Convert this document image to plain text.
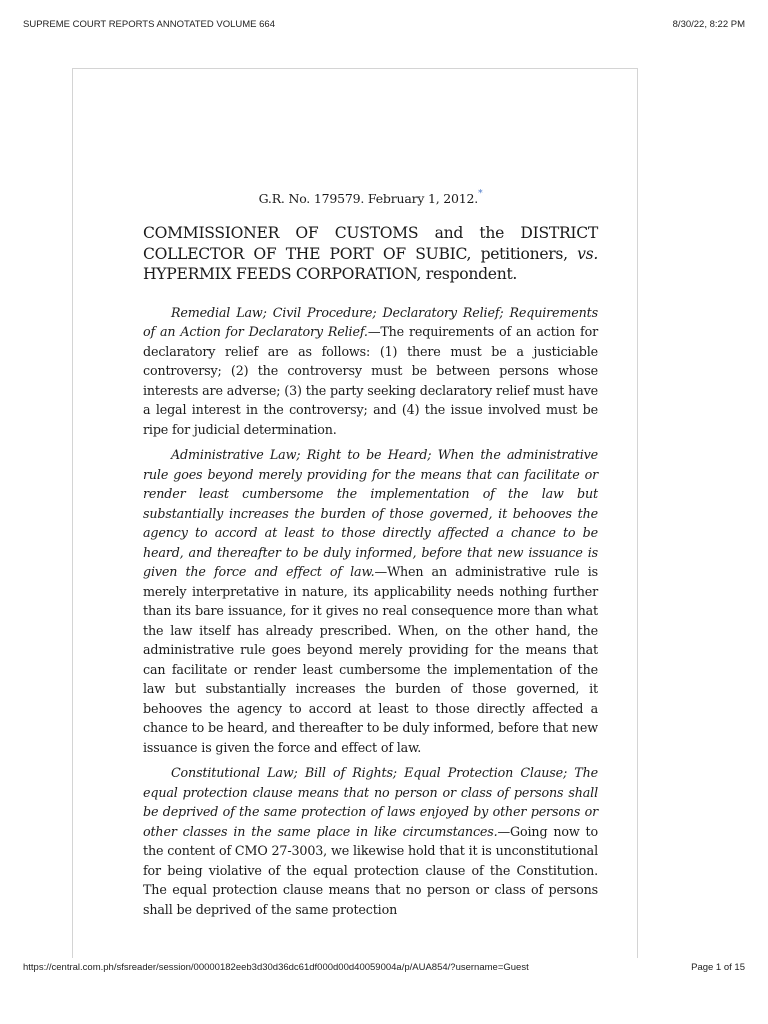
SUPREME COURT REPORTS ANNOTATED VOLUME 664	8/30/22, 8:22 PM

G.R. No. 179579. February 1, 2012.*

COMMISSIONER OF CUSTOMS and the DISTRICT COLLECTOR OF THE PORT OF SUBIC, petitioners, vs. HYPERMIX FEEDS CORPORATION, respondent.

Remedial Law; Civil Procedure; Declaratory Relief; Requirements of an Action for Declaratory Relief.—The requirements of an action for declaratory relief are as follows: (1) there must be a justiciable controversy; (2) the controversy must be between persons whose interests are adverse; (3) the party seeking declaratory relief must have a legal interest in the controversy; and (4) the issue involved must be ripe for judicial determination.

Administrative Law; Right to be Heard; When the administrative rule goes beyond merely providing for the means that can facilitate or render least cumbersome the implementation of the law but substantially increases the burden of those governed, it behooves the agency to accord at least to those directly affected a chance to be heard, and thereafter to be duly informed, before that new issuance is given the force and effect of law.—When an administrative rule is merely interpretative in nature, its applicability needs nothing further than its bare issuance, for it gives no real consequence more than what the law itself has already prescribed. When, on the other hand, the administrative rule goes beyond merely providing for the means that can facilitate or render least cumbersome the implementation of the law but substantially increases the burden of those governed, it behooves the agency to accord at least to those directly affected a chance to be heard, and thereafter to be duly informed, before that new issuance is given the force and effect of law.

Constitutional Law; Bill of Rights; Equal Protection Clause; The equal protection clause means that no person or class of persons shall be deprived of the same protection of laws enjoyed by other persons or other classes in the same place in like circumstances.—Going now to the content of CMO 27-3003, we likewise hold that it is unconstitutional for being violative of the equal protection clause of the Constitution. The equal protection clause means that no person or class of persons shall be deprived of the same protection

https://central.com.ph/sfsreader/session/00000182eeb3d30d36dc61df000d00d40059004a/p/AUA854/?username=Guest	Page 1 of 15
